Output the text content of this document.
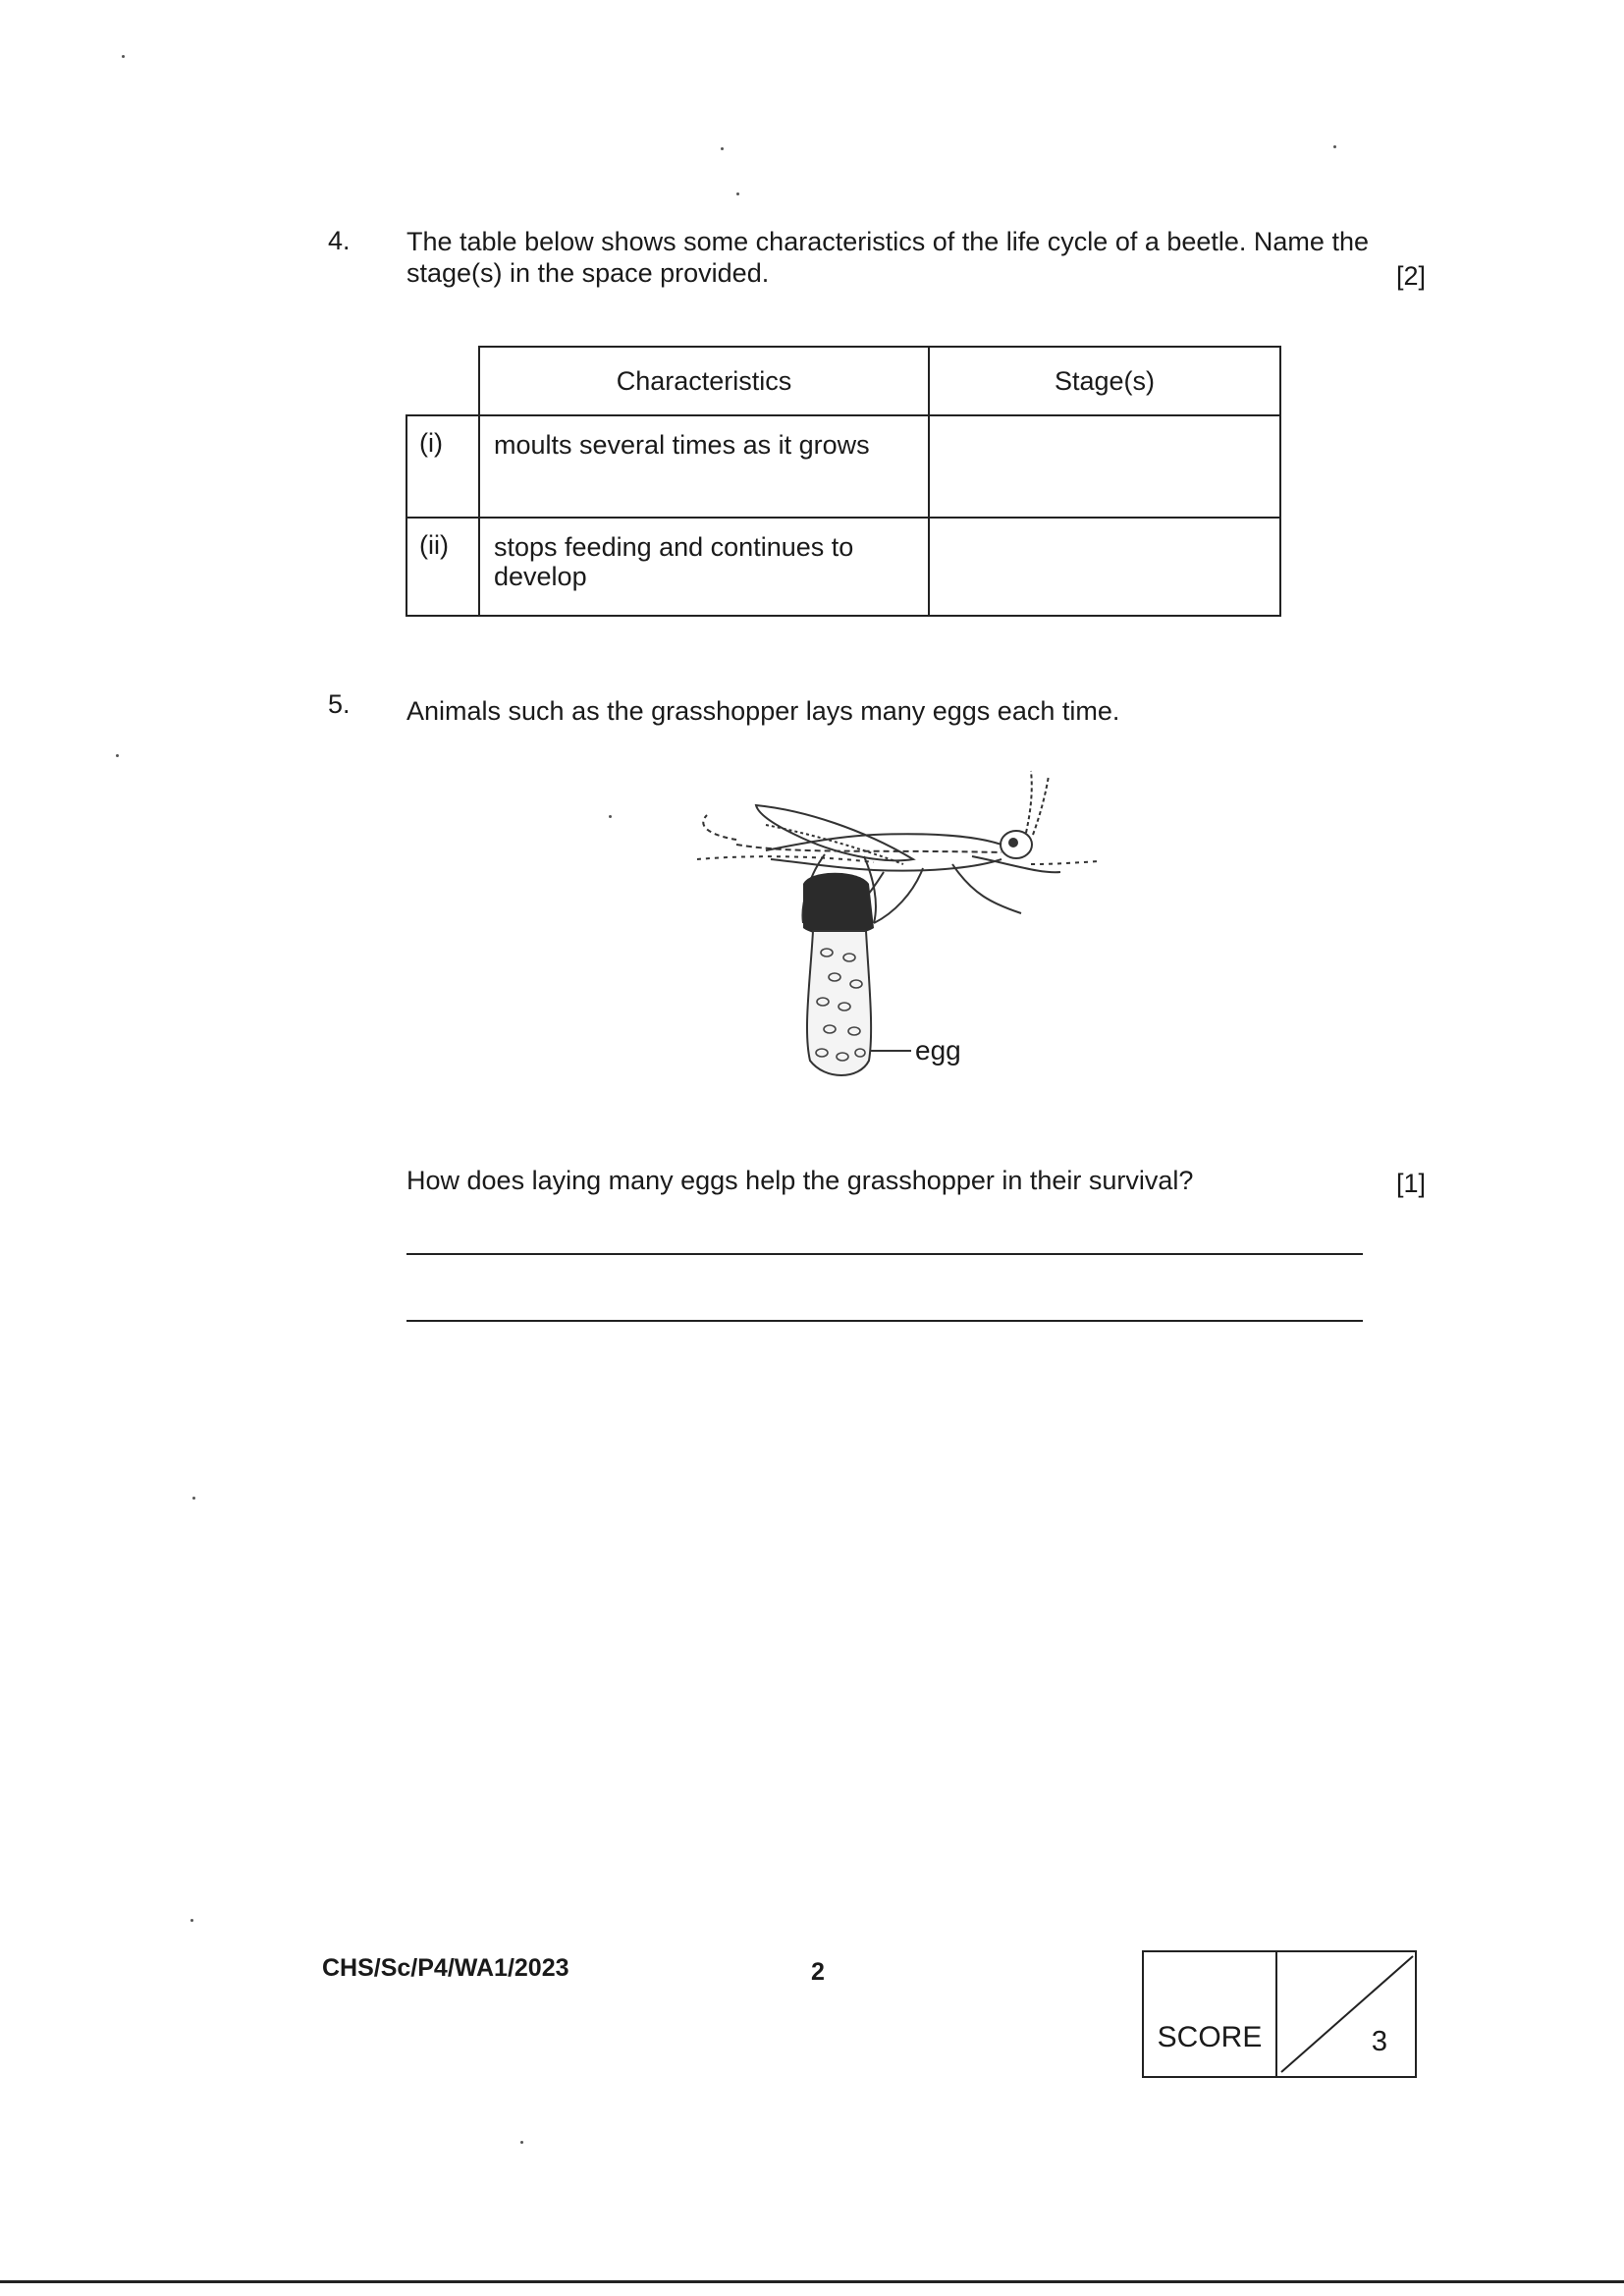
4. The table below shows some characteristics of the life cycle of a beetle. Name the stage(s) in the space provided.	[2]
	Characteristics	Stage(s)
(i)	moults several times as it grows	
(ii)	stops feeding and continues to develop	
5. Animals such as the grasshopper lays many eggs each time.
egg
How does laying many eggs help the grasshopper in their survival?	[1]
CHS/Sc/P4/WA1/2023	2
SCORE	3
